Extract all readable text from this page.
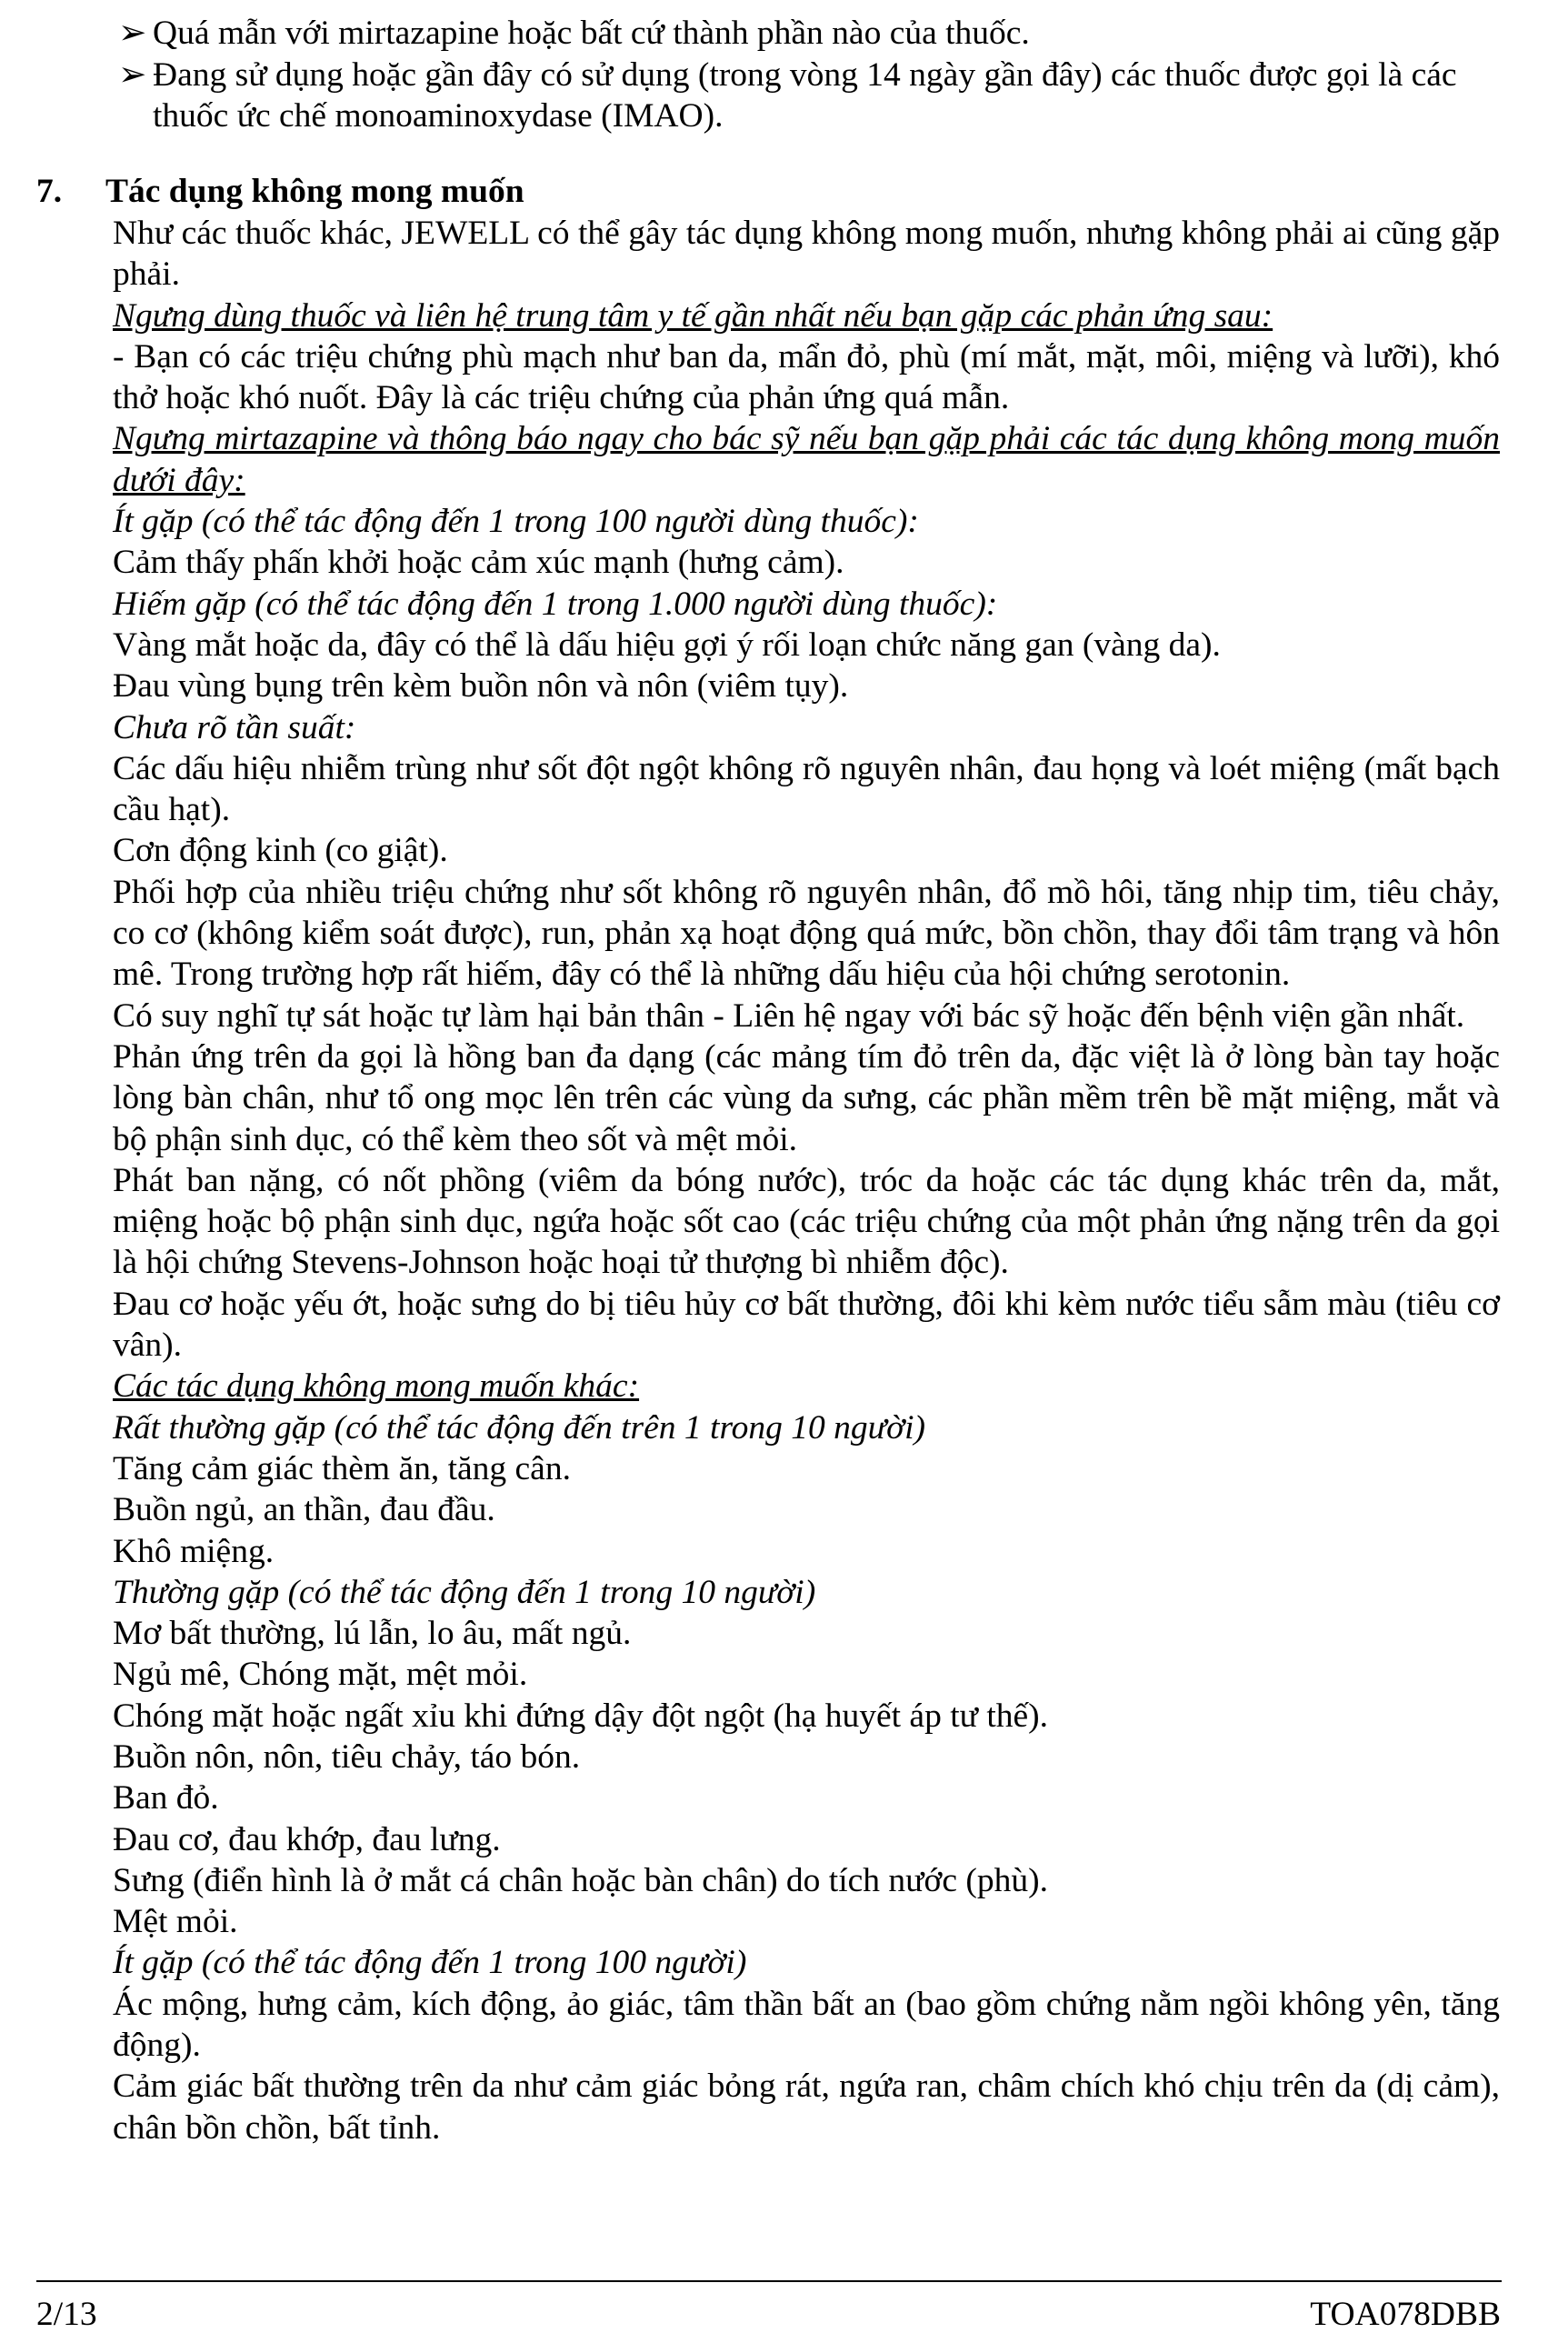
➢ Quá mẫn với mirtazapine hoặc bất cứ thành phần nào của thuốc.
➢ Đang sử dụng hoặc gần đây có sử dụng (trong vòng 14 ngày gần đây) các thuốc được gọi là các thuốc ức chế monoaminoxydase (IMAO).
7. Tác dụng không mong muốn

Như các thuốc khác, JEWELL có thể gây tác dụng không mong muốn, nhưng không phải ai cũng gặp phải.

Ngưng dùng thuốc và liên hệ trung tâm y tế gần nhất nếu bạn gặp các phản ứng sau:

- Bạn có các triệu chứng phù mạch như ban da, mẩn đỏ, phù (mí mắt, mặt, môi, miệng và lưỡi), khó thở hoặc khó nuốt. Đây là các triệu chứng của phản ứng quá mẫn.

Ngưng mirtazapine và thông báo ngay cho bác sỹ nếu bạn gặp phải các tác dụng không mong muốn dưới đây:

Ít gặp (có thể tác động đến 1 trong 100 người dùng thuốc):

Cảm thấy phấn khởi hoặc cảm xúc mạnh (hưng cảm).

Hiếm gặp (có thể tác động đến 1 trong 1.000 người dùng thuốc):

Vàng mắt hoặc da, đây có thể là dấu hiệu gợi ý rối loạn chức năng gan (vàng da).

Đau vùng bụng trên kèm buồn nôn và nôn (viêm tụy).

Chưa rõ tần suất:

Các dấu hiệu nhiễm trùng như sốt đột ngột không rõ nguyên nhân, đau họng và loét miệng (mất bạch cầu hạt).

Cơn động kinh (co giật).

Phối hợp của nhiều triệu chứng như sốt không rõ nguyên nhân, đổ mồ hôi, tăng nhịp tim, tiêu chảy, co cơ (không kiểm soát được), run, phản xạ hoạt động quá mức, bồn chồn, thay đổi tâm trạng và hôn mê. Trong trường hợp rất hiếm, đây có thể là những dấu hiệu của hội chứng serotonin.

Có suy nghĩ tự sát hoặc tự làm hại bản thân - Liên hệ ngay với bác sỹ hoặc đến bệnh viện gần nhất.

Phản ứng trên da gọi là hồng ban đa dạng (các mảng tím đỏ trên da, đặc việt là ở lòng bàn tay hoặc lòng bàn chân, như tổ ong mọc lên trên các vùng da sưng, các phần mềm trên bề mặt miệng, mắt và bộ phận sinh dục, có thể kèm theo sốt và mệt mỏi.

Phát ban nặng, có nốt phồng (viêm da bóng nước), tróc da hoặc các tác dụng khác trên da, mắt, miệng hoặc bộ phận sinh dục, ngứa hoặc sốt cao (các triệu chứng của một phản ứng nặng trên da gọi là hội chứng Stevens-Johnson hoặc hoại tử thượng bì nhiễm độc).

Đau cơ hoặc yếu ớt, hoặc sưng do bị tiêu hủy cơ bất thường, đôi khi kèm nước tiểu sẫm màu (tiêu cơ vân).

Các tác dụng không mong muốn khác:

Rất thường gặp (có thể tác động đến trên 1 trong 10 người)

Tăng cảm giác thèm ăn, tăng cân.

Buồn ngủ, an thần, đau đầu.

Khô miệng.

Thường gặp (có thể tác động đến 1 trong 10 người)

Mơ bất thường, lú lẫn, lo âu, mất ngủ.

Ngủ mê, Chóng mặt, mệt mỏi.

Chóng mặt hoặc ngất xỉu khi đứng dậy đột ngột (hạ huyết áp tư thế).

Buồn nôn, nôn, tiêu chảy, táo bón.

Ban đỏ.

Đau cơ, đau khớp, đau lưng.

Sưng (điển hình là ở mắt cá chân hoặc bàn chân) do tích nước (phù).

Mệt mỏi.

Ít gặp (có thể tác động đến 1 trong 100 người)

Ác mộng, hưng cảm, kích động, ảo giác, tâm thần bất an (bao gồm chứng nằm ngồi không yên, tăng động).

Cảm giác bất thường trên da như cảm giác bỏng rát, ngứa ran, châm chích khó chịu trên da (dị cảm), chân bồn chồn, bất tỉnh.

2/13	TOA078DBB
